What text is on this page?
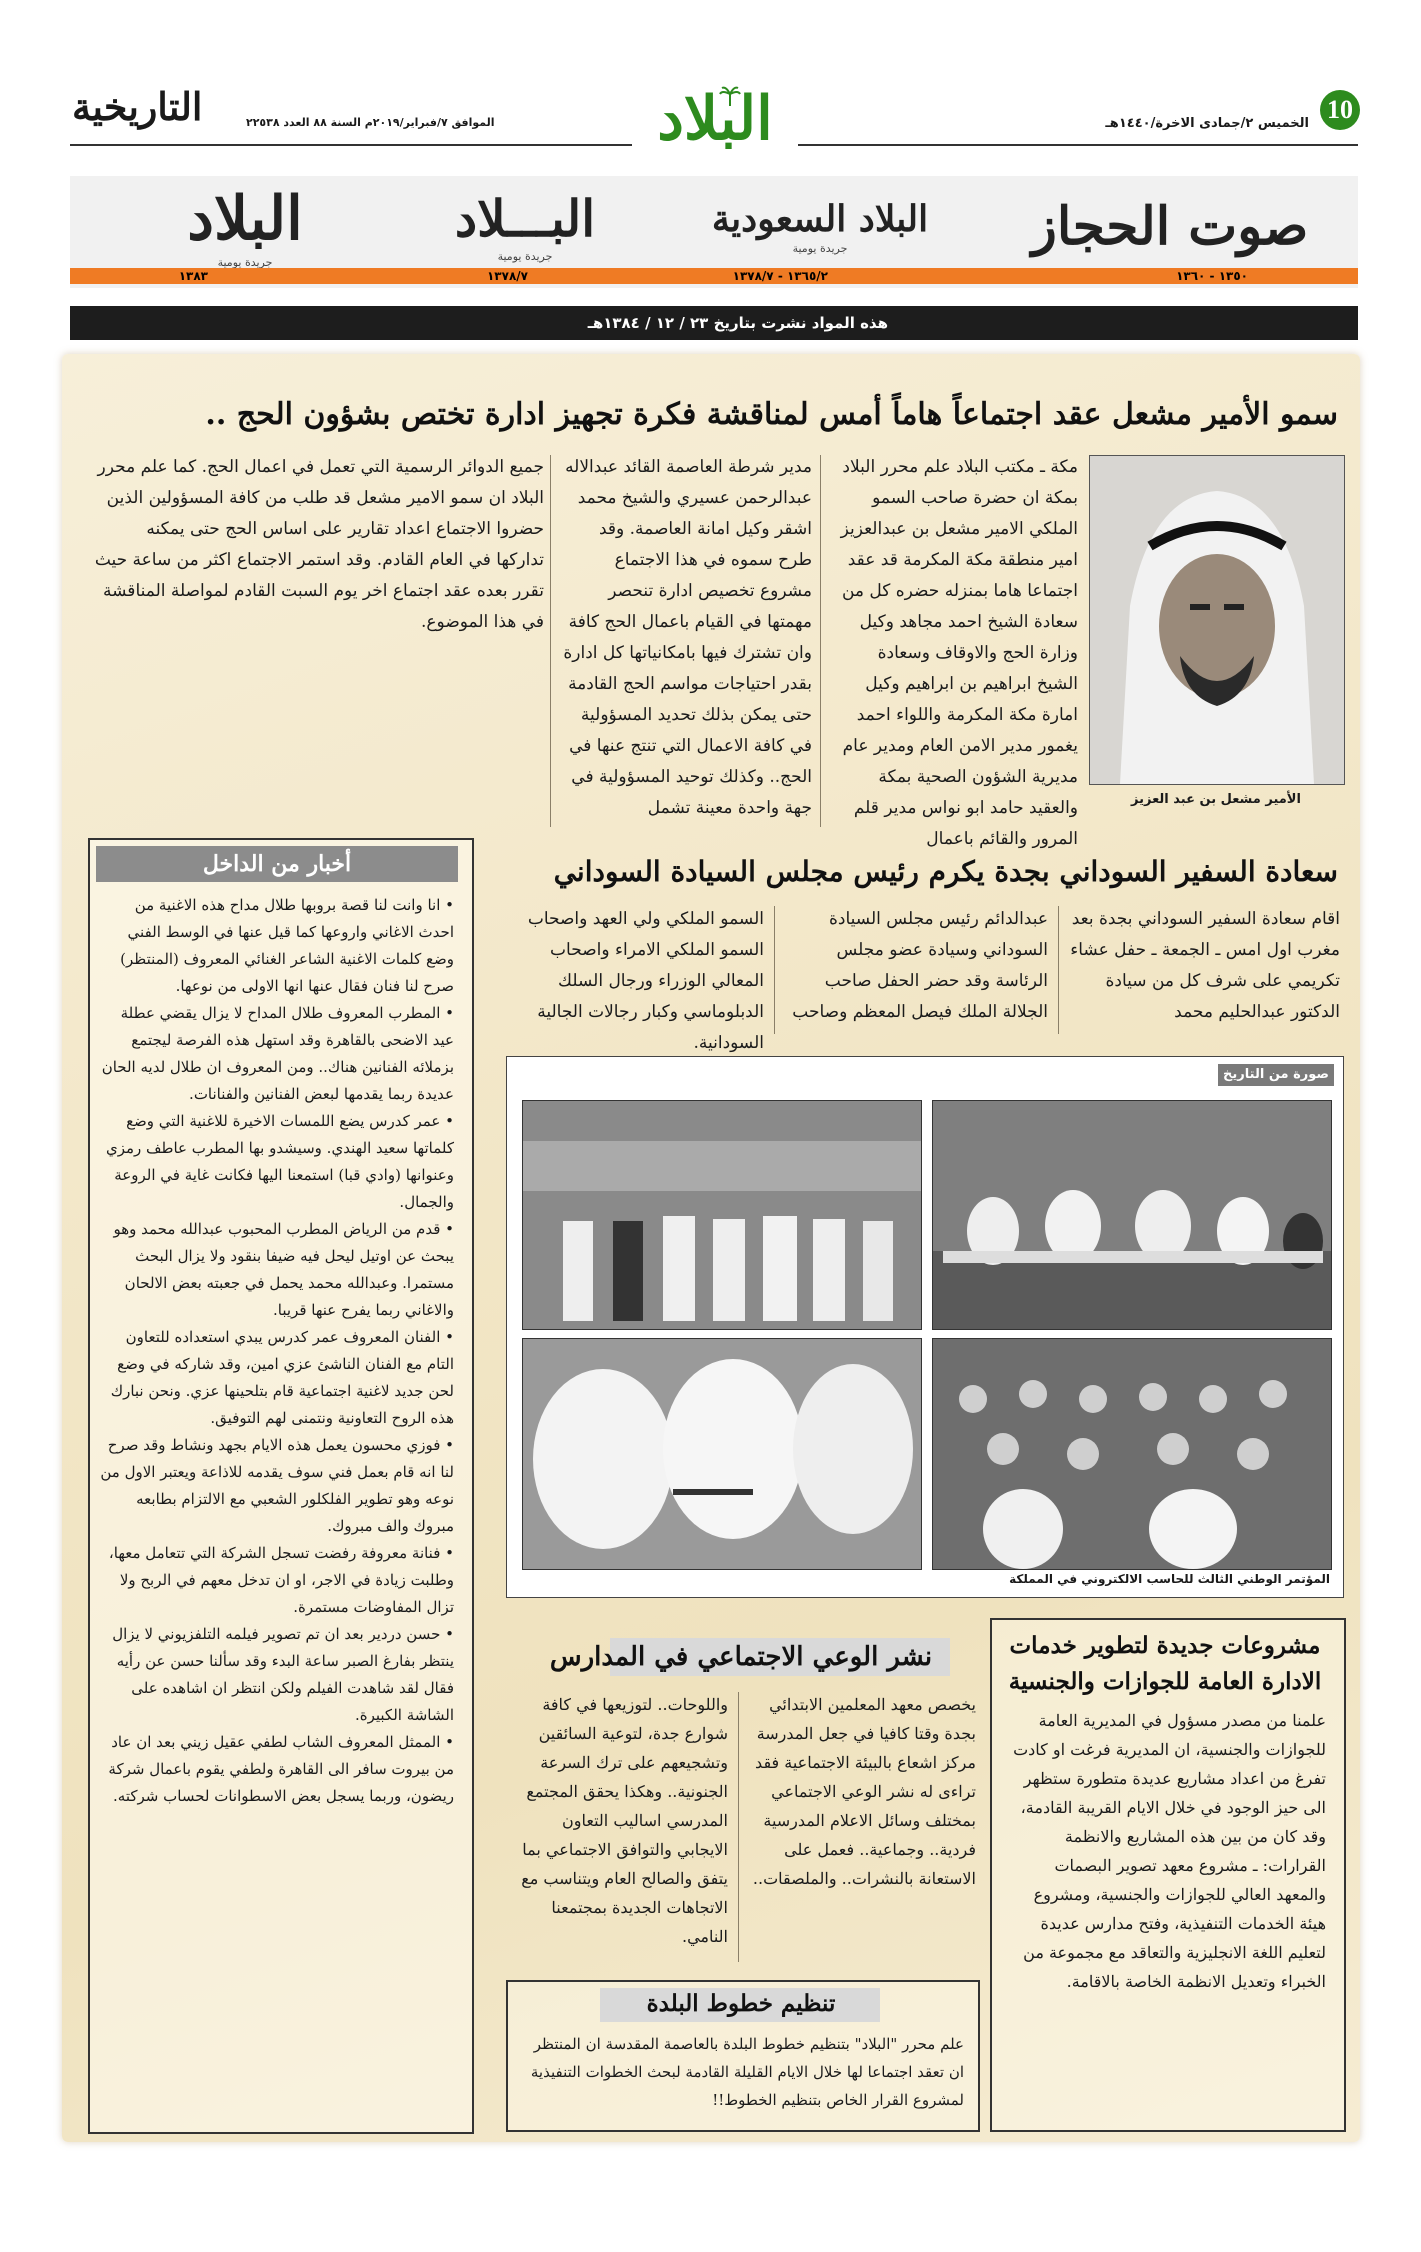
10
الخميس ٢/جمادى الاخرة/١٤٤٠هـ
الموافق ٧/فبراير/٢٠١٩م السنة ٨٨ العدد ٢٢٥٣٨
التاريخية	البلاد
صوت الحجاز
البلاد السعودية
جريدة يومية
البـــلاد
جريدة يومية
البلاد
جريدة يومية
١٣٥٠ - ١٣٦٠
١٣٦٥/٢ - ١٣٧٨/٧
١٣٧٨/٧
١٣٨٣
هذه المواد نشرت بتاريخ ٢٣ / ١٢ / ١٣٨٤هـ
سمو الأمير مشعل عقد اجتماعاً هاماً أمس لمناقشة فكرة تجهيز ادارة تختص بشؤون الحج ..
الأمير مشعل بن عبد العزيز
مكة ـ مكتب البلاد علم محرر البلاد بمكة ان حضرة صاحب السمو الملكي الامير مشعل بن عبدالعزيز امير منطقة مكة المكرمة قد عقد اجتماعا هاما بمنزله حضره كل من سعادة الشيخ احمد مجاهد وكيل وزارة الحج والاوقاف وسعادة الشيخ ابراهيم بن ابراهيم وكيل امارة مكة المكرمة واللواء احمد يغمور مدير الامن العام ومدير عام مديرية الشؤون الصحية بمكة والعقيد حامد ابو نواس مدير قلم المرور والقائم باعمال
مدير شرطة العاصمة القائد عبدالاله عبدالرحمن عسيري والشيخ محمد اشقر وكيل امانة العاصمة. وقد طرح سموه في هذا الاجتماع مشروع تخصيص ادارة تنحصر مهمتها في القيام باعمال الحج كافة وان تشترك فيها بامكانياتها كل ادارة بقدر احتياجات مواسم الحج القادمة حتى يمكن بذلك تحديد المسؤولية في كافة الاعمال التي تنتج عنها في الحج.. وكذلك توحيد المسؤولية في جهة واحدة معينة تشمل
جميع الدوائر الرسمية التي تعمل في اعمال الحج. كما علم محرر البلاد ان سمو الامير مشعل قد طلب من كافة المسؤولين الذين حضروا الاجتماع اعداد تقارير على اساس الحج حتى يمكنه تداركها في العام القادم. وقد استمر الاجتماع اكثر من ساعة حيث تقرر بعده عقد اجتماع اخر يوم السبت القادم لمواصلة المناقشة في هذا الموضوع.
أخبار من الداخل

• انا وانت لنا قصة بروبها طلال مداح هذه الاغنية من احدث الاغاني واروعها كما قيل عنها في الوسط الفني وضع كلمات الاغنية الشاعر الغنائي المعروف (المنتظر) صرح لنا فنان فقال عنها انها الاولى من نوعها.

• المطرب المعروف طلال المداح لا يزال يقضي عطلة عيد الاضحى بالقاهرة وقد استهل هذه الفرصة ليجتمع بزملائه الفنانين هناك.. ومن المعروف ان طلال لديه الحان عديدة ربما يقدمها لبعض الفنانين والفنانات.

• عمر كدرس يضع اللمسات الاخيرة للاغنية التي وضع كلماتها سعيد الهندي. وسيشدو بها المطرب عاطف رمزي وعنوانها (وادي قبا) استمعنا اليها فكانت غاية في الروعة والجمال.

• قدم من الرياض المطرب المحبوب عبدالله محمد وهو يبحث عن اوتيل ليحل فيه ضيفا بنقود ولا يزال البحث مستمرا. وعبدالله محمد يحمل في جعبته بعض الالحان والاغاني ربما يفرح عنها قريبا.

• الفنان المعروف عمر كدرس يبدي استعداده للتعاون التام مع الفنان الناشئ عزي امين، وقد شاركه في وضع لحن جديد لاغنية اجتماعية قام بتلحينها عزي. ونحن نبارك هذه الروح التعاونية ونتمنى لهم التوفيق.

• فوزي محسون يعمل هذه الايام بجهد ونشاط وقد صرح لنا انه قام بعمل فني سوف يقدمه للاذاعة ويعتبر الاول من نوعه وهو تطوير الفلكلور الشعبي مع الالتزام بطابعه مبروك والف مبروك.

• فنانة معروفة رفضت تسجل الشركة التي تتعامل معها، وطلبت زيادة في الاجر، او ان تدخل معهم في الربح ولا تزال المفاوضات مستمرة.

• حسن دردير بعد ان تم تصوير فيلمه التلفزيوني لا يزال ينتظر بفارغ الصبر ساعة البدء وقد سألنا حسن عن رأيه فقال لقد شاهدت الفيلم ولكن انتظر ان اشاهده على الشاشة الكبيرة.

• الممثل المعروف الشاب لطفي عقيل زيني بعد ان عاد من بيروت سافر الى القاهرة ولطفي يقوم باعمال شركة ريضون، وربما يسجل بعض الاسطوانات لحساب شركته.

سعادة السفير السوداني بجدة يكرم رئيس مجلس السيادة السوداني
اقام سعادة السفير السوداني بجدة بعد مغرب اول امس ـ الجمعة ـ حفل عشاء تكريمي على شرف كل من سيادة الدكتور عبدالحليم محمد
عبدالدائم رئيس مجلس السيادة السوداني وسيادة عضو مجلس الرئاسة وقد حضر الحفل صاحب الجلالة الملك فيصل المعظم وصاحب
السمو الملكي ولي العهد واصحاب السمو الملكي الامراء واصحاب المعالي الوزراء ورجال السلك الدبلوماسي وكبار رجالات الجالية السودانية.
صورة من التاريخ
المؤتمر الوطني الثالث للحاسب الالكتروني في المملكة
مشروعات جديدة لتطوير خدمات الادارة العامة للجوازات والجنسية
علمنا من مصدر مسؤول في المديرية العامة للجوازات والجنسية، ان المديرية فرغت او كادت تفرغ من اعداد مشاريع عديدة متطورة ستظهر الى حيز الوجود في خلال الايام القريبة القادمة، وقد كان من بين هذه المشاريع والانظمة القرارات: ـ مشروع معهد تصوير البصمات والمعهد العالي للجوازات والجنسية، ومشروع هيئة الخدمات التنفيذية، وفتح مدارس عديدة لتعليم اللغة الانجليزية والتعاقد مع مجموعة من الخبراء وتعديل الانظمة الخاصة بالاقامة.
نشر الوعي الاجتماعي في المدارس
يخصص معهد المعلمين الابتدائي بجدة وقتا كافيا في جعل المدرسة مركز اشعاع بالبيئة الاجتماعية فقد تراءى له نشر الوعي الاجتماعي بمختلف وسائل الاعلام المدرسية فردية.. وجماعية.. فعمل على الاستعانة بالنشرات.. والملصقات..
واللوحات.. لتوزيعها في كافة شوارع جدة، لتوعية السائقين وتشجيعهم على ترك السرعة الجنونية.. وهكذا يحقق المجتمع المدرسي اساليب التعاون الايجابي والتوافق الاجتماعي بما يتفق والصالح العام ويتناسب مع الاتجاهات الجديدة بمجتمعنا النامي.
تنظيم خطوط البلدة
علم محرر "البلاد" بتنظيم خطوط البلدة بالعاصمة المقدسة ان المنتظر ان تعقد اجتماعا لها خلال الايام القليلة القادمة لبحث الخطوات التنفيذية لمشروع القرار الخاص بتنظيم الخطوط!!
